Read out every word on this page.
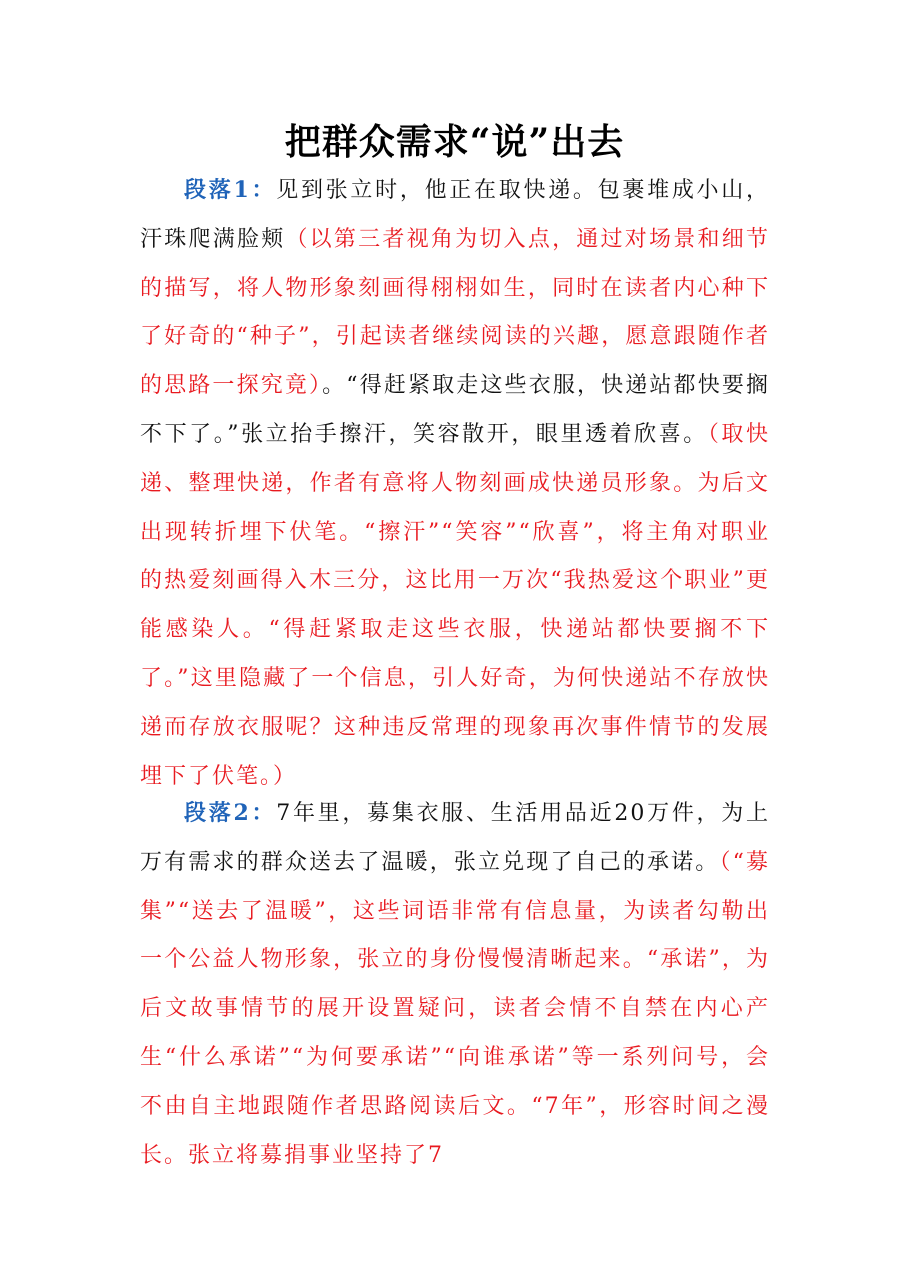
把群众需求“说”出去

段落1：见到张立时，他正在取快递。包裹堆成小山，汗珠爬满脸颊（以第三者视角为切入点，通过对场景和细节的描写，将人物形象刻画得栩栩如生，同时在读者内心种下了好奇的“种子”，引起读者继续阅读的兴趣，愿意跟随作者的思路一探究竟）。“得赶紧取走这些衣服，快递站都快要搁不下了。”张立抬手擦汗，笑容散开，眼里透着欣喜。（取快递、整理快递，作者有意将人物刻画成快递员形象。为后文出现转折埋下伏笔。“擦汗”“笑容”“欣喜”，将主角对职业的热爱刻画得入木三分，这比用一万次“我热爱这个职业”更能感染人。“得赶紧取走这些衣服，快递站都快要搁不下了。”这里隐藏了一个信息，引人好奇，为何快递站不存放快递而存放衣服呢？这种违反常理的现象再次事件情节的发展埋下了伏笔。）

段落2：7年里，募集衣服、生活用品近20万件，为上万有需求的群众送去了温暖，张立兑现了自己的承诺。（“募集”“送去了温暖”，这些词语非常有信息量，为读者勾勒出一个公益人物形象，张立的身份慢慢清晰起来。“承诺”，为后文故事情节的展开设置疑问，读者会情不自禁在内心产生“什么承诺”“为何要承诺”“向谁承诺”等一系列问号，会不由自主地跟随作者思路阅读后文。“7年”，形容时间之漫长。张立将募捐事业坚持了7
